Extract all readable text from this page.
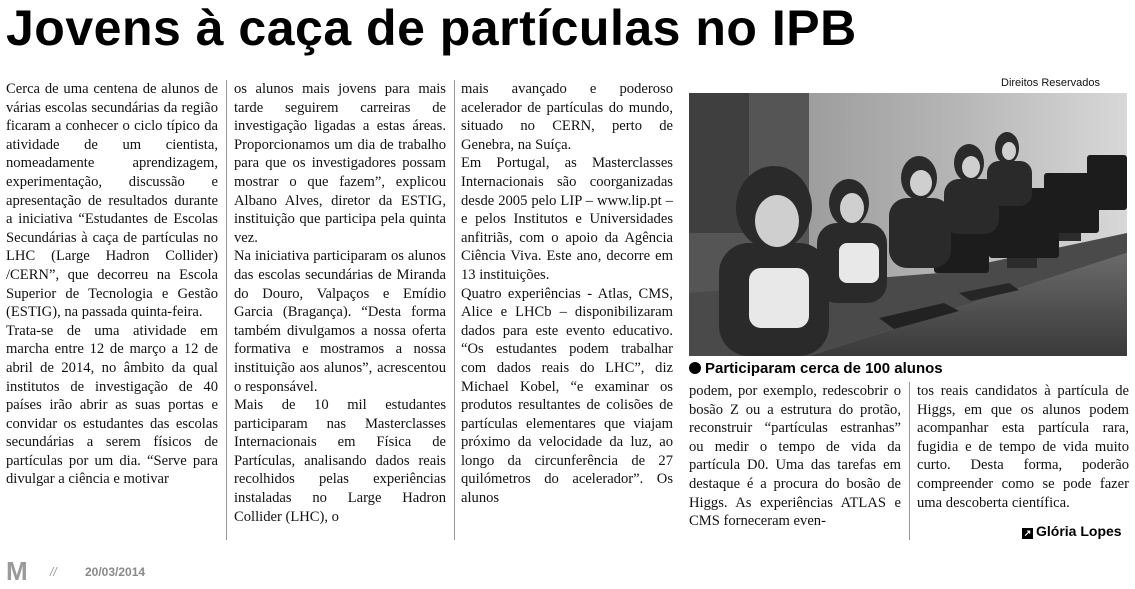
Jovens à caça de partículas no IPB

Cerca de uma centena de alunos de várias escolas secundárias da região ficaram a conhecer o ciclo típico da atividade de um cientista, nomeadamente aprendizagem, experimentação, discussão e apresentação de resultados durante a iniciativa “Estudantes de Escolas Secundárias à caça de partículas no LHC (Large Hadron Collider) /CERN”, que decorreu na Escola Superior de Tecnologia e Gestão (ESTIG), na passada quinta-feira.

Trata-se de uma atividade em marcha entre 12 de março a 12 de abril de 2014, no âmbito da qual institutos de investigação de 40 países irão abrir as suas portas e convidar os estudantes das escolas secundárias a serem físicos de partículas por um dia. “Serve para divulgar a ciência e motivar

os alunos mais jovens para mais tarde seguirem carreiras de investigação ligadas a estas áreas. Proporcionamos um dia de trabalho para que os investigadores possam mostrar o que fazem”, explicou Albano Alves, diretor da ESTIG, instituição que participa pela quinta vez.

Na iniciativa participaram os alunos das escolas secundárias de Miranda do Douro, Valpaços e Emídio Garcia (Bragança). “Desta forma também divulgamos a nossa oferta formativa e mostramos a nossa instituição aos alunos”, acrescentou o responsável.

Mais de 10 mil estudantes participaram nas Masterclasses Internacionais em Física de Partículas, analisando dados reais recolhidos pelas experiências instaladas no Large Hadron Collider (LHC), o

mais avançado e poderoso acelerador de partículas do mundo, situado no CERN, perto de Genebra, na Suíça.

Em Portugal, as Masterclasses Internacionais são coorganizadas desde 2005 pelo LIP – www.lip.pt – e pelos Institutos e Universidades anfitriãs, com o apoio da Agência Ciência Viva. Este ano, decorre em 13 instituições.

Quatro experiências - Atlas, CMS, Alice e LHCb – disponibilizaram dados para este evento educativo. “Os estudantes podem trabalhar com dados reais do LHC”, diz Michael Kobel, “e examinar os produtos resultantes de colisões de partículas elementares que viajam próximo da velocidade da luz, ao longo da circunferência de 27 quilómetros do acelerador”. Os alunos

Direitos Reservados
Participaram cerca de 100 alunos

podem, por exemplo, redescobrir o bosão Z ou a estrutura do protão, reconstruir “partículas estranhas” ou medir o tempo de vida da partícula D0. Uma das tarefas em destaque é a procura do bosão de Higgs. As experiências ATLAS e CMS forneceram even-

tos reais candidatos à partícula de Higgs, em que os alunos podem acompanhar esta partícula rara, fugidia e de tempo de vida muito curto. Desta forma, poderão compreender como se pode fazer uma descoberta científica.

↗ Glória Lopes
M // 20/03/2014
